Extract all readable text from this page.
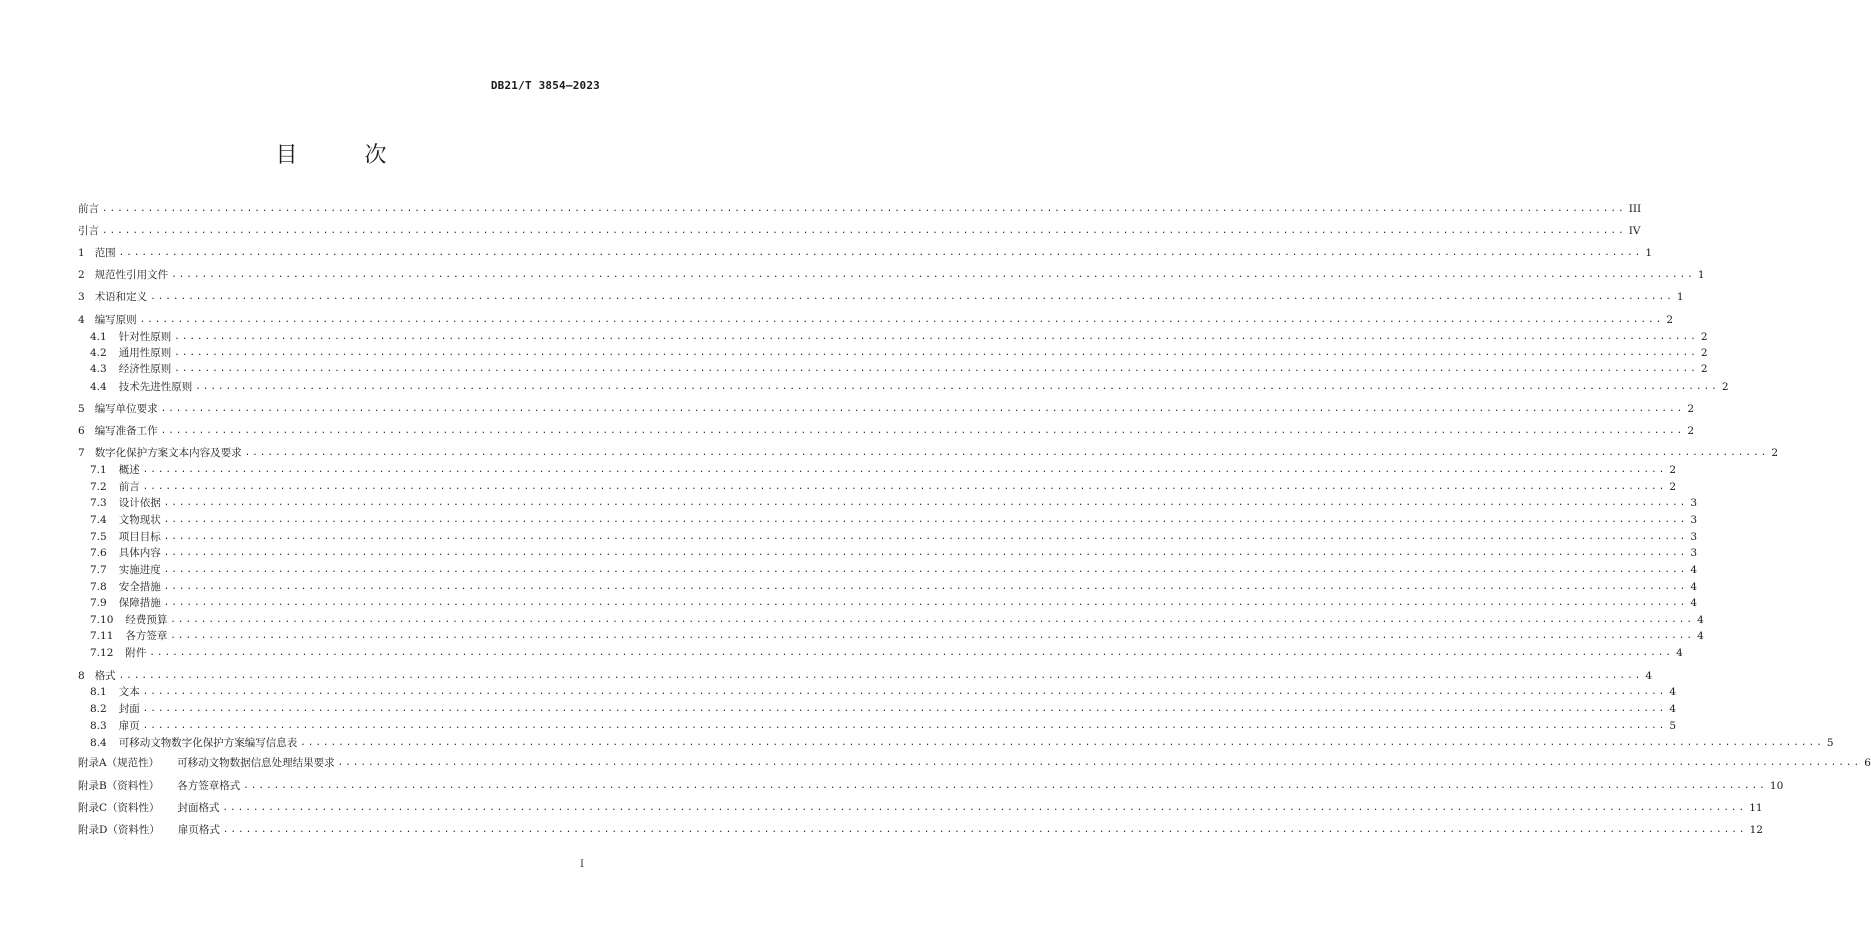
DB21/T 3854—2023
目 次
前言 ........................................................................................................................................................................................................ III
引言 ........................................................................................................................................................................................................ IV
1 范围 ........................................................................................................................................................................................................ 1
2 规范性引用文件 ........................................................................................................................................................................................................ 1
3 术语和定义 ........................................................................................................................................................................................................ 1
4 编写原则 ........................................................................................................................................................................................................ 2
4.1 针对性原则 ........................................................................................................................................................................................................ 2
4.2 通用性原则 ........................................................................................................................................................................................................ 2
4.3 经济性原则 ........................................................................................................................................................................................................ 2
4.4 技术先进性原则 ........................................................................................................................................................................................................ 2
5 编写单位要求 ........................................................................................................................................................................................................ 2
6 编写准备工作 ........................................................................................................................................................................................................ 2
7 数字化保护方案文本内容及要求 ........................................................................................................................................................................................................ 2
7.1 概述 ........................................................................................................................................................................................................ 2
7.2 前言 ........................................................................................................................................................................................................ 2
7.3 设计依据 ........................................................................................................................................................................................................ 3
7.4 文物现状 ........................................................................................................................................................................................................ 3
7.5 项目目标 ........................................................................................................................................................................................................ 3
7.6 具体内容 ........................................................................................................................................................................................................ 3
7.7 实施进度 ........................................................................................................................................................................................................ 4
7.8 安全措施 ........................................................................................................................................................................................................ 4
7.9 保障措施 ........................................................................................................................................................................................................ 4
7.10 经费预算 ........................................................................................................................................................................................................ 4
7.11 各方签章 ........................................................................................................................................................................................................ 4
7.12 附件 ........................................................................................................................................................................................................ 4
8 格式 ........................................................................................................................................................................................................ 4
8.1 文本 ........................................................................................................................................................................................................ 4
8.2 封面 ........................................................................................................................................................................................................ 4
8.3 扉页 ........................................................................................................................................................................................................ 5
8.4 可移动文物数字化保护方案编写信息表 ........................................................................................................................................................................................................ 5
附录A（规范性） 可移动文物数据信息处理结果要求 ........................................................................................................................................................................................................ 6
附录B（资料性） 各方签章格式 ........................................................................................................................................................................................................ 10
附录C（资料性） 封面格式 ........................................................................................................................................................................................................ 11
附录D（资料性） 扉页格式 ........................................................................................................................................................................................................ 12
I
